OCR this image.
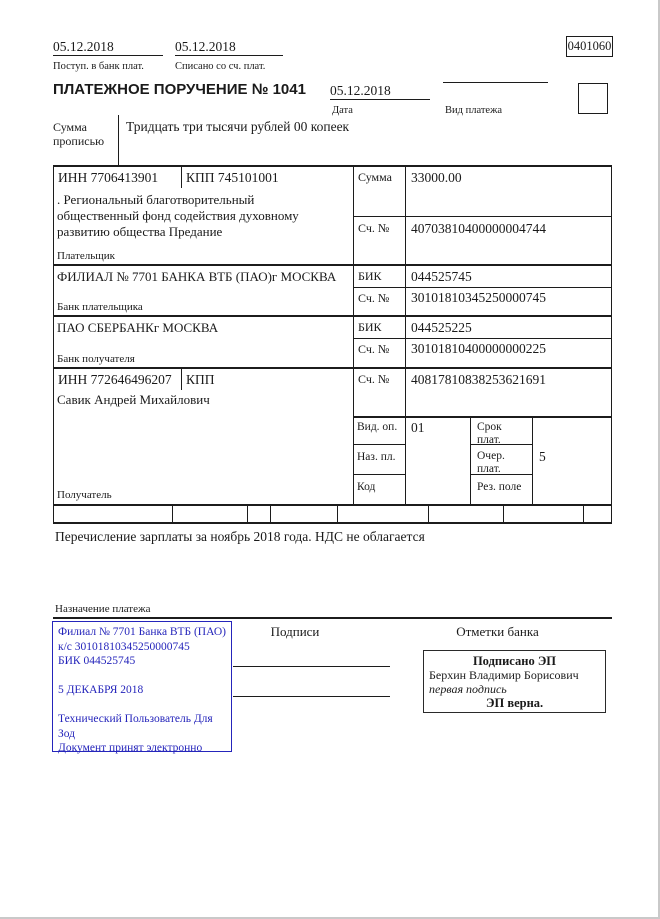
05.12.2018
Поступ. в банк плат.
05.12.2018
Списано со сч. плат.
0401060
ПЛАТЕЖНОЕ ПОРУЧЕНИЕ № 1041 05.12.2018
Дата	Вид платежа
Сумма прописью
Тридцать три тысячи рублей 00 копеек
ИНН 7706413901 КПП 745101001	Сумма 33000.00
. Региональный благотворительный общественный фонд содействия духовному развитию общества Предание	Сч. № 40703810400000004744
Плательщик
ФИЛИАЛ № 7701 БАНКА ВТБ (ПАО)г МОСКВА БИК 044525745
Сч. № 30101810345250000745
Банк плательщика
ПАО СБЕРБАНКг МОСКВА	БИК 044525225
Сч. № 30101810400000000225
Банк получателя
ИНН 772646496207 КПП	Сч. № 40817810838253621691
Савик Андрей Михайлович
Получатель
Вид. оп.	01	Срок плат.
Наз. пл.	Очер. плат.
5
Код	Рез. поле
Перечисление зарплаты за ноябрь 2018 года. НДС не облагается
Назначение платежа
Филиал № 7701 Банка ВТБ (ПАО)
к/с 30101810345250000745
БИК 044525745
5 ДЕКАБРЯ 2018
Технический Пользователь Для Зод
Документ принят электронно
Подписи	Отметки банка
Подписано ЭП
Берхин Владимир Борисович
первая подпись
ЭП верна.
